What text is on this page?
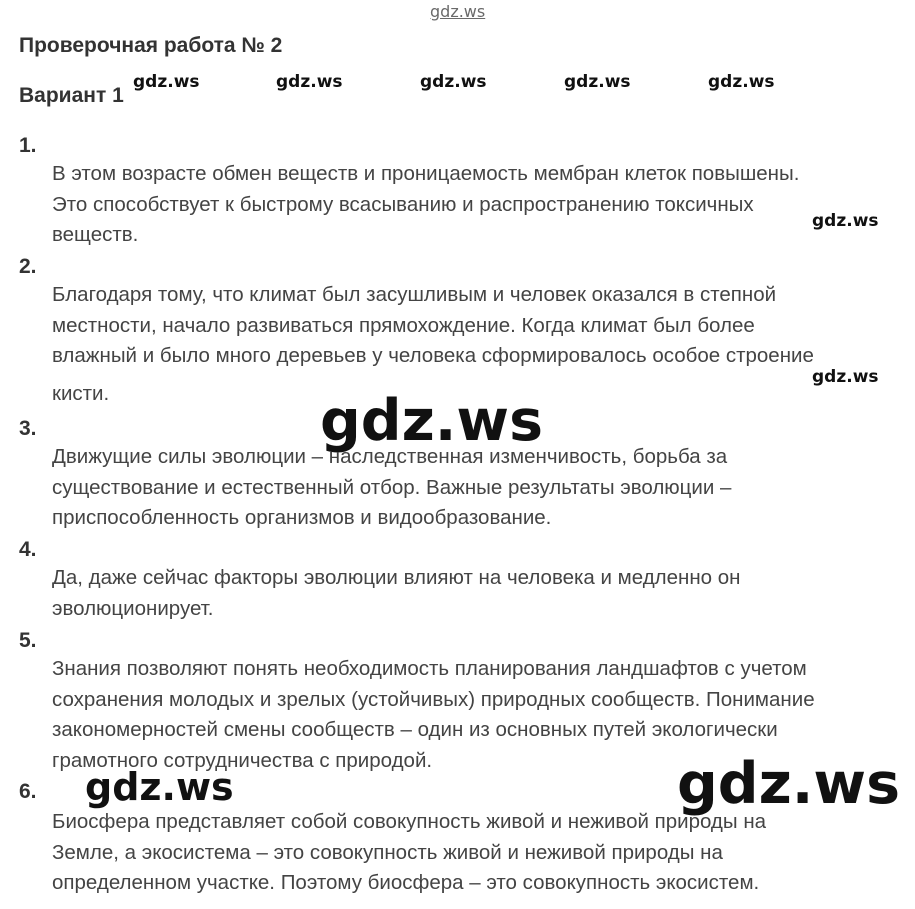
gdz.ws
Проверочная работа № 2
Вариант 1
gdz.ws	gdz.ws	gdz.ws	gdz.ws	gdz.ws
1.
В этом возрасте обмен веществ и проницаемость мембран клеток повышены.
Это способствует к быстрому всасыванию и распространению токсичных
веществ.
gdz.ws
2.
Благодаря тому, что климат был засушливым и человек оказался в степной
местности, начало развиваться прямохождение. Когда климат был более
влажный и было много деревьев у человека сформировалось особое строение
кисти.
gdz.ws
gdz.ws
3.
Движущие силы эволюции – наследственная изменчивость, борьба за
существование и естественный отбор. Важные результаты эволюции –
приспособленность организмов и видообразование.
4.
Да, даже сейчас факторы эволюции влияют на человека и медленно он
эволюционирует.
5.
Знания позволяют понять необходимость планирования ландшафтов с учетом
сохранения молодых и зрелых (устойчивых) природных сообществ. Понимание
закономерностей смены сообществ – один из основных путей экологически
грамотного сотрудничества с природой.
gdz.ws	gdz.ws
6.
Биосфера представляет собой совокупность живой и неживой природы на
Земле, а экосистема – это совокупность живой и неживой природы на
определенном участке. Поэтому биосфера – это совокупность экосистем.
